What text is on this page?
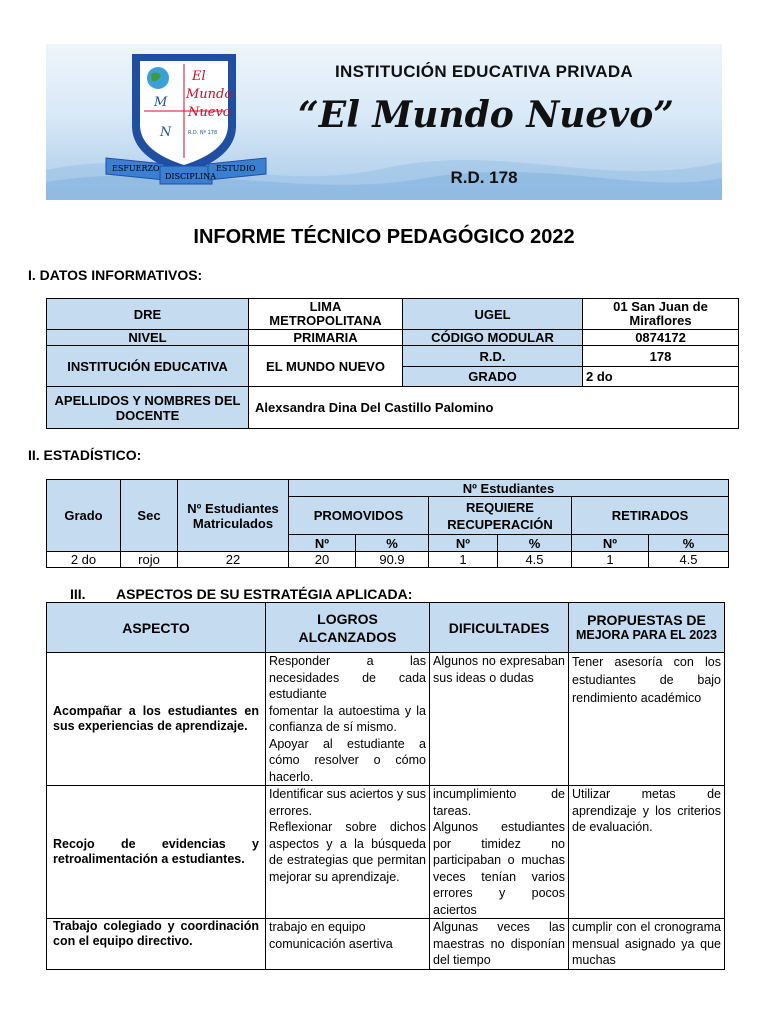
El
Mundo
Nuevo
M
N	R.D. Nº 178
ESFUERZO
DISCIPLINA
ESTUDIO
INSTITUCIÓN EDUCATIVA PRIVADA
“El Mundo Nuevo”
R.D. 178
INFORME TÉCNICO PEDAGÓGICO 2022
I. DATOS INFORMATIVOS:
DRE	LIMA METROPOLITANA	UGEL	01 San Juan de Miraflores
NIVEL	PRIMARIA	CÓDIGO MODULAR	0874172
INSTITUCIÓN EDUCATIVA	EL MUNDO NUEVO	R.D.	178
		GRADO	2 do
APELLIDOS Y NOMBRES DEL DOCENTE	Alexsandra Dina Del Castillo Palomino		
II. ESTADÍSTICO:
Grado	Sec	Nº Estudiantes Matriculados	Nº Estudiantes					
			PROMOVIDOS		REQUIERE RECUPERACIÓN		RETIRADOS	
			Nº	%	Nº	%	Nº	%
2 do	rojo	22	20	90.9	1	4.5	1	4.5
III. ASPECTOS DE SU ESTRATÉGIA APLICADA:
ASPECTO	LOGROS ALCANZADOS	DIFICULTADES	PROPUESTAS DE
MEJORA PARA EL 2023

Acompañar a los estudiantes en sus experiencias de aprendizaje.	Responder a las necesidades de cada estudiante
fomentar la autoestima y la confianza de sí mismo.
Apoyar al estudiante a cómo resolver o cómo hacerlo.	Algunos no expresaban sus ideas o dudas	Tener asesoría con los estudiantes de bajo rendimiento académico
Recojo de evidencias y retroalimentación a estudiantes.	Identificar sus aciertos y sus errores.
Reflexionar sobre dichos aspectos y a la búsqueda de estrategias que permitan mejorar su aprendizaje.	incumplimiento de tareas.
Algunos estudiantes por timidez no participaban o muchas veces tenían varios errores y pocos aciertos	Utilizar metas de aprendizaje y los criterios de evaluación.
Trabajo colegiado y coordinación con el equipo directivo.	trabajo en equipo
comunicación asertiva	Algunas veces las maestras no disponían del tiempo	cumplir con el cronograma mensual asignado ya que muchas
